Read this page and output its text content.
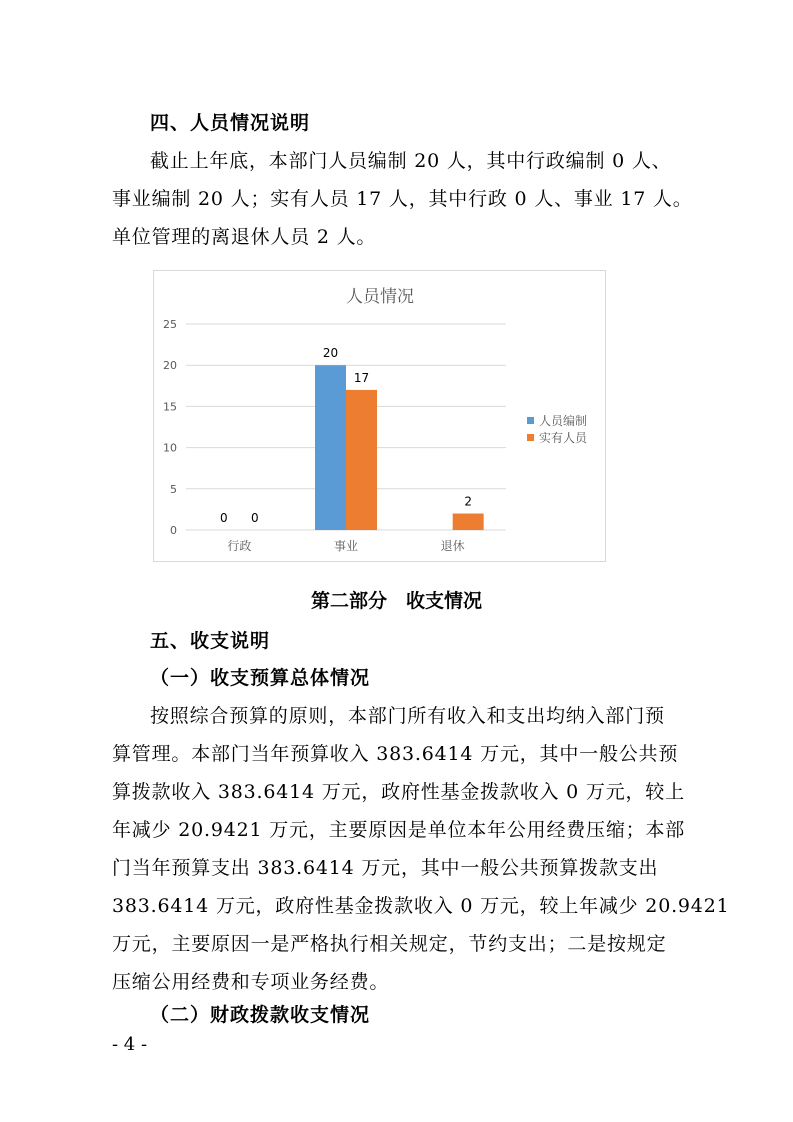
四、人员情况说明
截止上年底，本部门人员编制 20 人，其中行政编制 0 人、
事业编制 20 人；实有人员 17 人，其中行政 0 人、事业 17 人。
单位管理的离退休人员 2 人。
人员情况
0
5
10
15
20
25
0 0
行政
20
17
事业
2
退休
人员编制
实有人员
第二部分　收支情况
五、收支说明
（一）收支预算总体情况
按照综合预算的原则，本部门所有收入和支出均纳入部门预
算管理。本部门当年预算收入 383.6414 万元，其中一般公共预
算拨款收入 383.6414 万元，政府性基金拨款收入 0 万元，较上
年减少 20.9421 万元，主要原因是单位本年公用经费压缩；本部
门当年预算支出 383.6414 万元，其中一般公共预算拨款支出
383.6414 万元，政府性基金拨款收入 0 万元，较上年减少 20.9421
万元，主要原因一是严格执行相关规定，节约支出；二是按规定
压缩公用经费和专项业务经费。
（二）财政拨款收支情况
- 4 -
